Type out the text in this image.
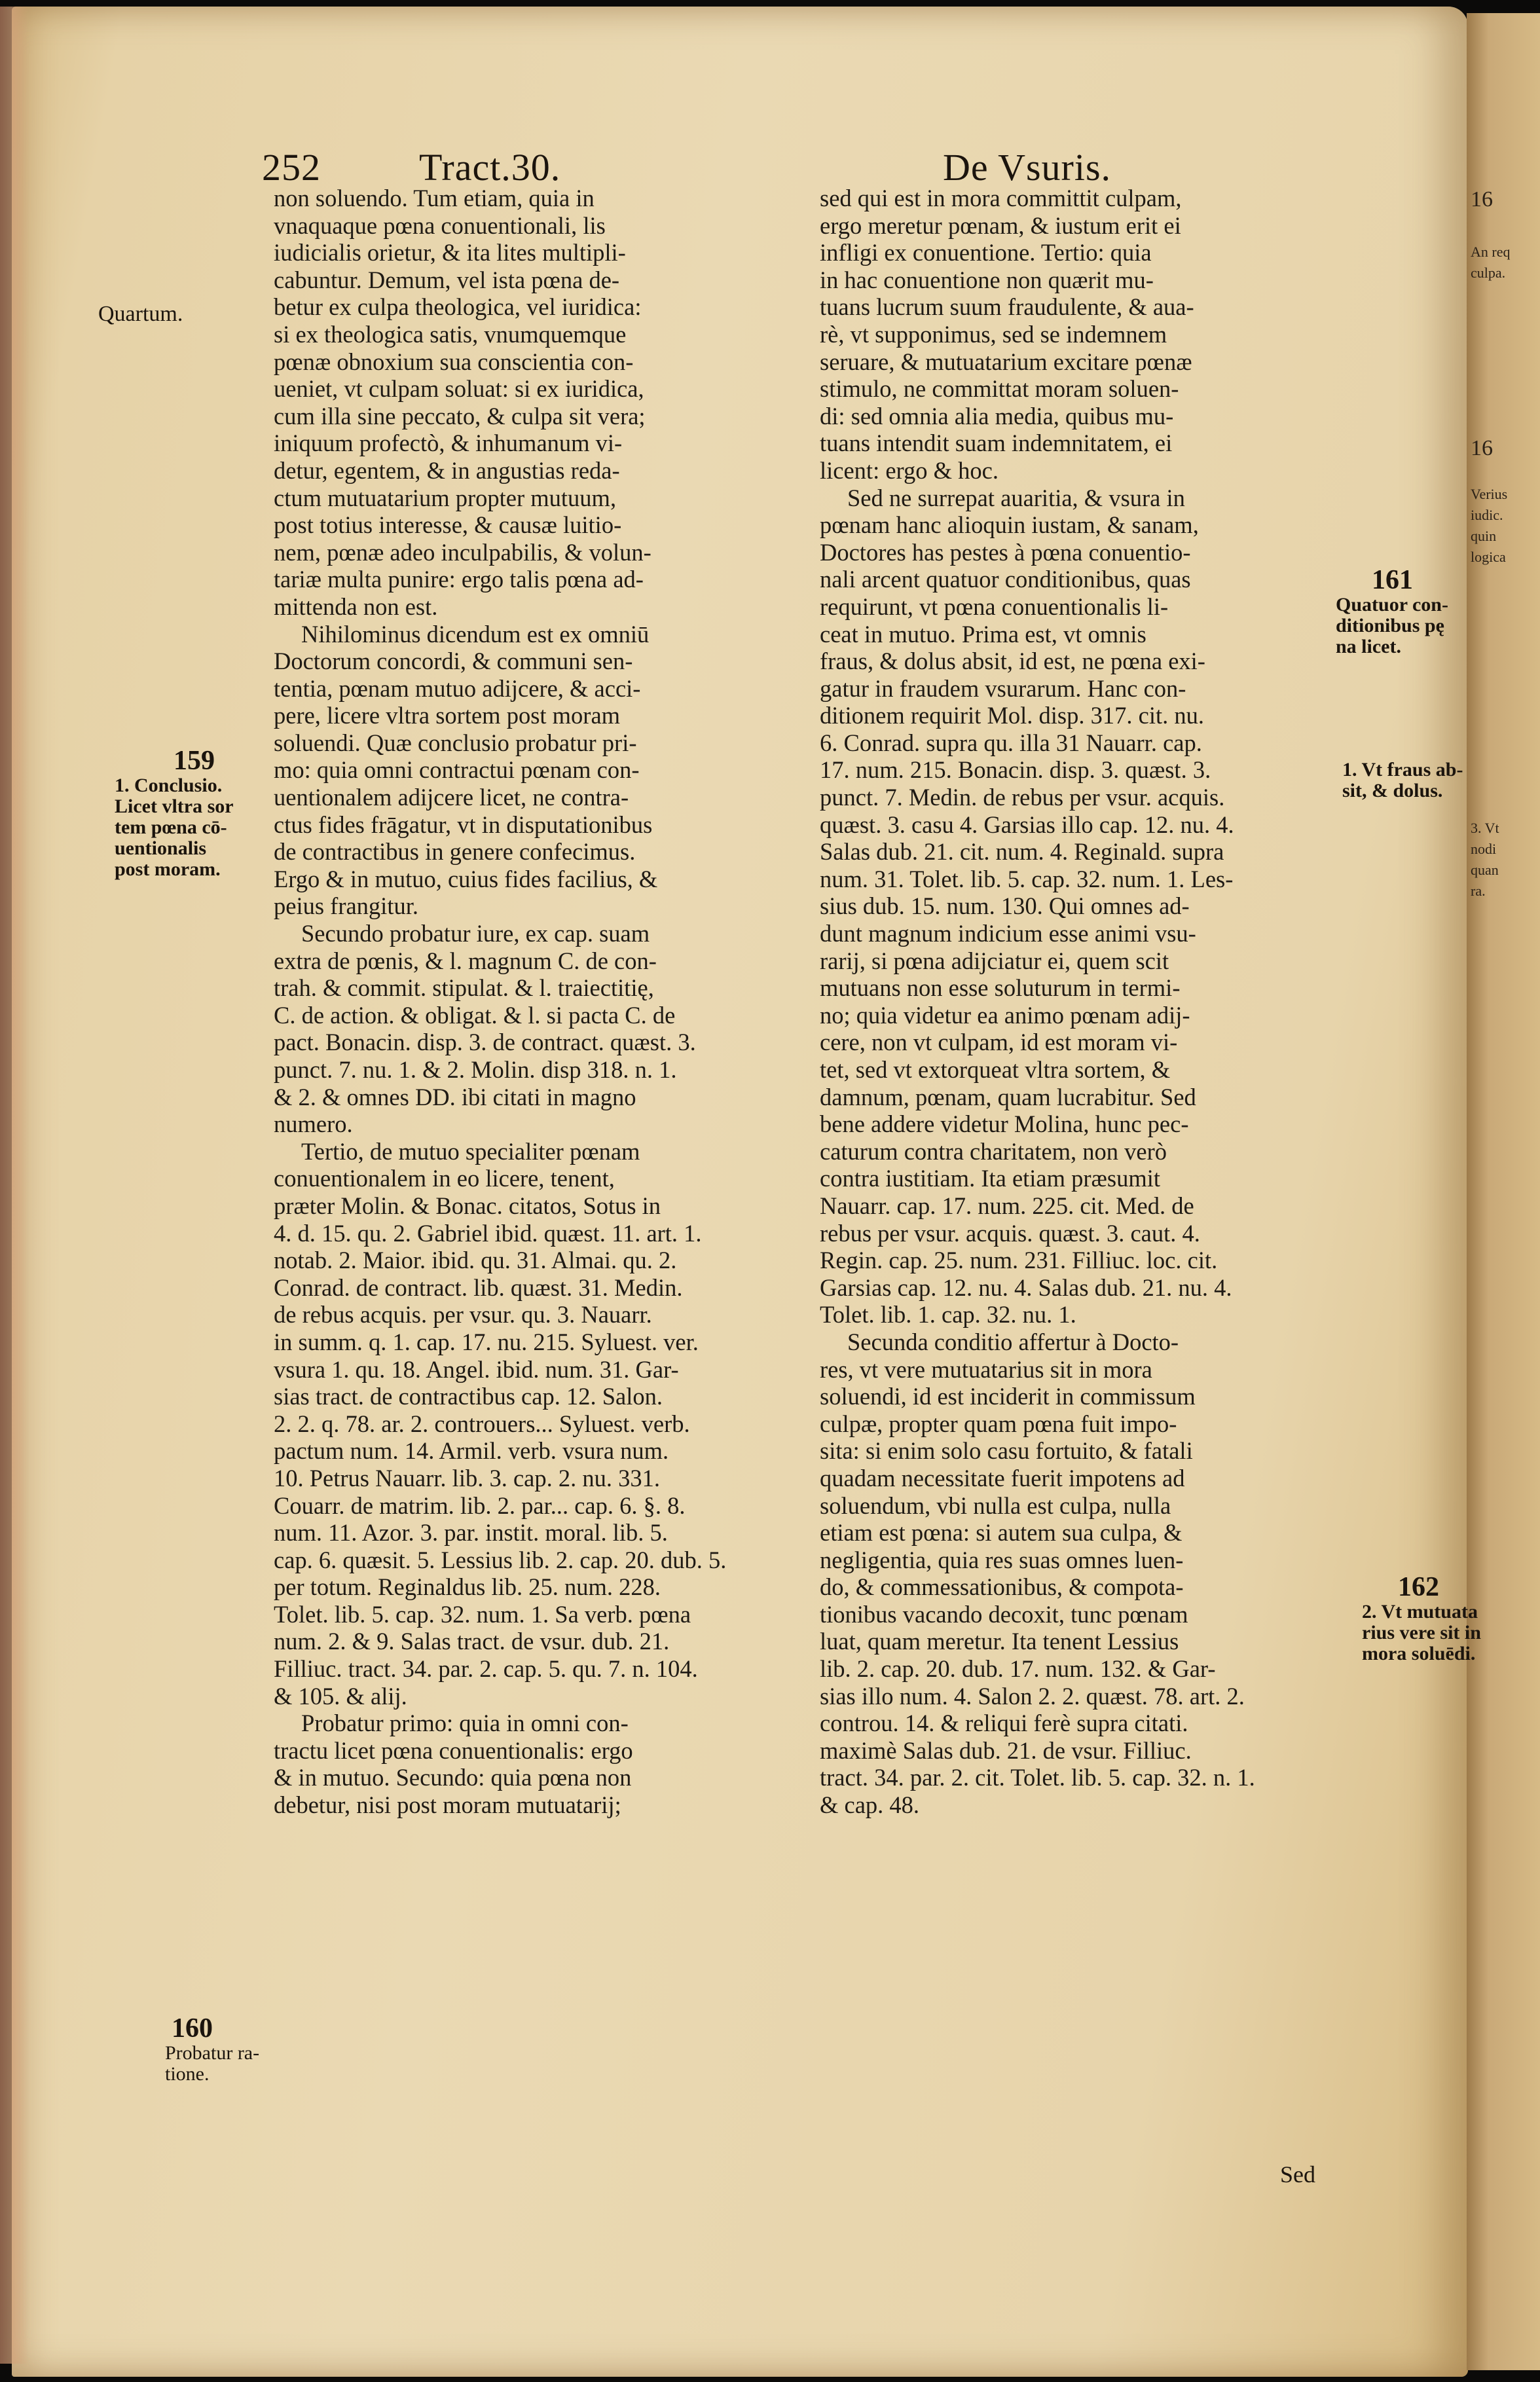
16
An req
culpa.
16
Verius
iudic.
quin
logica
3. Vt
nodi
quan
ra.
252	Tract.30.	De Vsuris.
Quartum.
159
1. Conclusio.
Licet vltra sor
tem pœna cō-
uentionalis
post moram.
160
Probatur ra-
tione.
non soluendo. Tum etiam, quia in
vnaquaque pœna conuentionali, lis
iudicialis orietur, & ita lites multipli-
cabuntur. Demum, vel ista pœna de-
betur ex culpa theologica, vel iuridica:
si ex theologica satis, vnumquemque
pœnæ obnoxium sua conscientia con-
ueniet, vt culpam soluat: si ex iuridica,
cum illa sine peccato, & culpa sit vera;
iniquum profectò, & inhumanum vi-
detur, egentem, & in angustias reda-
ctum mutuatarium propter mutuum,
post totius interesse, & causæ luitio-
nem, pœnæ adeo inculpabilis, & volun-
tariæ multa punire: ergo talis pœna ad-
mittenda non est.
Nihilominus dicendum est ex omniū
Doctorum concordi, & communi sen-
tentia, pœnam mutuo adijcere, & acci-
pere, licere vltra sortem post moram
soluendi. Quæ conclusio probatur pri-
mo: quia omni contractui pœnam con-
uentionalem adijcere licet, ne contra-
ctus fides frāgatur, vt in disputationibus
de contractibus in genere confecimus.
Ergo & in mutuo, cuius fides facilius, &
peius frangitur.
Secundo probatur iure, ex cap. suam
extra de pœnis, & l. magnum C. de con-
trah. & commit. stipulat. & l. traiectitię,
C. de action. & obligat. & l. si pacta C. de
pact. Bonacin. disp. 3. de contract. quæst. 3.
punct. 7. nu. 1. & 2. Molin. disp 318. n. 1.
& 2. & omnes DD. ibi citati in magno
numero.
Tertio, de mutuo specialiter pœnam
conuentionalem in eo licere, tenent,
præter Molin. & Bonac. citatos, Sotus in
4. d. 15. qu. 2. Gabriel ibid. quæst. 11. art. 1.
notab. 2. Maior. ibid. qu. 31. Almai. qu. 2.
Conrad. de contract. lib. quæst. 31. Medin.
de rebus acquis. per vsur. qu. 3. Nauarr.
in summ. q. 1. cap. 17. nu. 215. Syluest. ver.
vsura 1. qu. 18. Angel. ibid. num. 31. Gar-
sias tract. de contractibus cap. 12. Salon.
2. 2. q. 78. ar. 2. controuers... Syluest. verb.
pactum num. 14. Armil. verb. vsura num.
10. Petrus Nauarr. lib. 3. cap. 2. nu. 331.
Couarr. de matrim. lib. 2. par... cap. 6. §. 8.
num. 11. Azor. 3. par. instit. moral. lib. 5.
cap. 6. quæsit. 5. Lessius lib. 2. cap. 20. dub. 5.
per totum. Reginaldus lib. 25. num. 228.
Tolet. lib. 5. cap. 32. num. 1. Sa verb. pœna
num. 2. & 9. Salas tract. de vsur. dub. 21.
Filliuc. tract. 34. par. 2. cap. 5. qu. 7. n. 104.
& 105. & alij.
Probatur primo: quia in omni con-
tractu licet pœna conuentionalis: ergo
& in mutuo. Secundo: quia pœna non
debetur, nisi post moram mutuatarij;
sed qui est in mora committit culpam,
ergo meretur pœnam, & iustum erit ei
infligi ex conuentione. Tertio: quia
in hac conuentione non quærit mu-
tuans lucrum suum fraudulente, & aua-
rè, vt supponimus, sed se indemnem
seruare, & mutuatarium excitare pœnæ
stimulo, ne committat moram soluen-
di: sed omnia alia media, quibus mu-
tuans intendit suam indemnitatem, ei
licent: ergo & hoc.
Sed ne surrepat auaritia, & vsura in
pœnam hanc alioquin iustam, & sanam,
Doctores has pestes à pœna conuentio-
nali arcent quatuor conditionibus, quas
requirunt, vt pœna conuentionalis li-
ceat in mutuo. Prima est, vt omnis
fraus, & dolus absit, id est, ne pœna exi-
gatur in fraudem vsurarum. Hanc con-
ditionem requirit Mol. disp. 317. cit. nu.
6. Conrad. supra qu. illa 31 Nauarr. cap.
17. num. 215. Bonacin. disp. 3. quæst. 3.
punct. 7. Medin. de rebus per vsur. acquis.
quæst. 3. casu 4. Garsias illo cap. 12. nu. 4.
Salas dub. 21. cit. num. 4. Reginald. supra
num. 31. Tolet. lib. 5. cap. 32. num. 1. Les-
sius dub. 15. num. 130. Qui omnes ad-
dunt magnum indicium esse animi vsu-
rarij, si pœna adijciatur ei, quem scit
mutuans non esse soluturum in termi-
no; quia videtur ea animo pœnam adij-
cere, non vt culpam, id est moram vi-
tet, sed vt extorqueat vltra sortem, &
damnum, pœnam, quam lucrabitur. Sed
bene addere videtur Molina, hunc pec-
caturum contra charitatem, non verò
contra iustitiam. Ita etiam præsumit
Nauarr. cap. 17. num. 225. cit. Med. de
rebus per vsur. acquis. quæst. 3. caut. 4.
Regin. cap. 25. num. 231. Filliuc. loc. cit.
Garsias cap. 12. nu. 4. Salas dub. 21. nu. 4.
Tolet. lib. 1. cap. 32. nu. 1.
Secunda conditio affertur à Docto-
res, vt vere mutuatarius sit in mora
soluendi, id est inciderit in commissum
culpæ, propter quam pœna fuit impo-
sita: si enim solo casu fortuito, & fatali
quadam necessitate fuerit impotens ad
soluendum, vbi nulla est culpa, nulla
etiam est pœna: si autem sua culpa, &
negligentia, quia res suas omnes luen-
do, & commessationibus, & compota-
tionibus vacando decoxit, tunc pœnam
luat, quam meretur. Ita tenent Lessius
lib. 2. cap. 20. dub. 17. num. 132. & Gar-
sias illo num. 4. Salon 2. 2. quæst. 78. art. 2.
controu. 14. & reliqui ferè supra citati.
maximè Salas dub. 21. de vsur. Filliuc.
tract. 34. par. 2. cit. Tolet. lib. 5. cap. 32. n. 1.
& cap. 48.
161
Quatuor con-
ditionibus pę
na licet.
1. Vt fraus ab-
sit, & dolus.
162
2. Vt mutuata
rius vere sit in
mora soluēdi.
Sed
